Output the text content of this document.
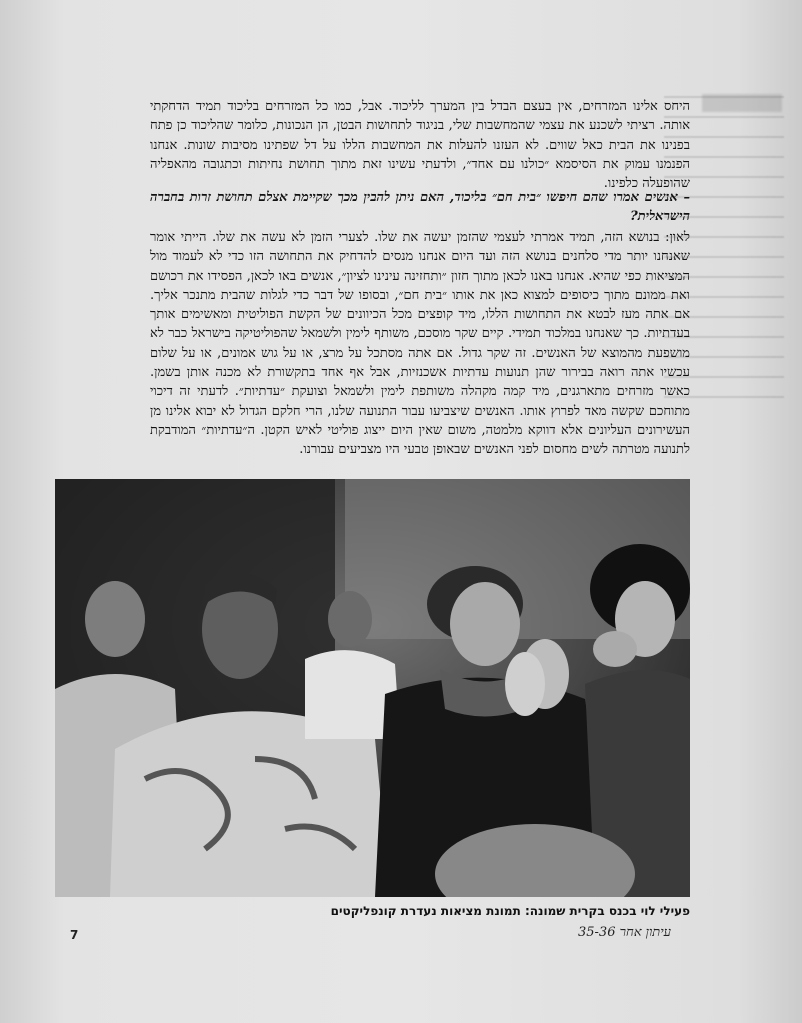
היחס אלינו המזרחים, אין בעצם הבדל בין המערך לליכוד. אבל, כמו כל המזרחים בליכוד תמיד הדחקתי אותה. רציתי לשכנע את עצמי שהמחשבות שלי, בניגוד לתחושות הבטן, הן הנכונות, כלומר שהליכוד כן פתח בפנינו את הבית כאל שווים. לא העזנו להעלות את המחשבות הללו על דל שפתינו מסיבות שונות. אנחנו הפנמנו עמוק את הסיסמא ״כולנו עם אחד״, ולדעתי עשינו זאת מתוך תחושת נחיתות וכתגובה מהאפליה שהופעלה כלפינו.

– אנשים אמרו שהם חיפשו ״בית חם״ בליכוד, האם ניתן להבין מכך שקיימת אצלם תחושת זרות בחברה הישראלית?

לאון: בנושא הזה, תמיד אמרתי לעצמי שהזמן יעשה את שלו. לצערי הזמן לא עשה את שלו. הייתי אומר שאנחנו יותר מדי סלחנים בנושא הזה ועד היום אנחנו מנסים להדחיק את התחושה הזו כדי לא לעמוד מול המציאות כפי שהיא. אנחנו באנו לכאן מתוך חזון ״ותחזינה עינינו לציון״, אנשים באו לכאן, הפסידו את רכושם ואת ממונם מתוך כיסופים למצוא כאן את אותו ״בית חם״, ובסופו של דבר כדי לגלות שהבית מתנכר אליך. אם אתה מעז לבטא את התחושות הללו, מיד קופצים מכל הכיוונים של הקשת הפוליטית ומאשימים אותך בעדתיות. כך שאנחנו במלכוד תמידי. קיים שקר מוסכם, משותף לימין ולשמאל שהפוליטיקה בישראל כבר לא מושפעת מהמוצא של האנשים. זה שקר גדול. אם אתה מסתכל על מרצ, או על גוש אמונים, או על שלום עכשיו אתה רואה בבירור שהן תנועות עדתיות אשכנזיות, אבל אף אחד בתקשורת לא מכנה אותן בשמן. כאשר מזרחים מתארגנים, מיד קמה מקהלה משותפת לימין ולשמאל וצועקת ״עדתיות״. לדעתי זה דיכוי מתוחכם שקשה מאד לפרוץ אותו. האנשים שיצביעו עבור התנועה שלנו, הרי חלקם הגדול לא יבוא אלינו מן העשירונים העליונים אלא דווקא מלמטה, משום שאין היום ייצוג פוליטי לאיש הקטן. ה״עדתיות״ המודבקת לתנועה מטרתה לשים מחסום לפני האנשים שבאופן טבעי היו מצביעים עבורנו.

פעילי לוי בכנס בקרית שמונה: תמונת מציאות נעדרת קונפליקטים
7	עיתון אחר 35-36
